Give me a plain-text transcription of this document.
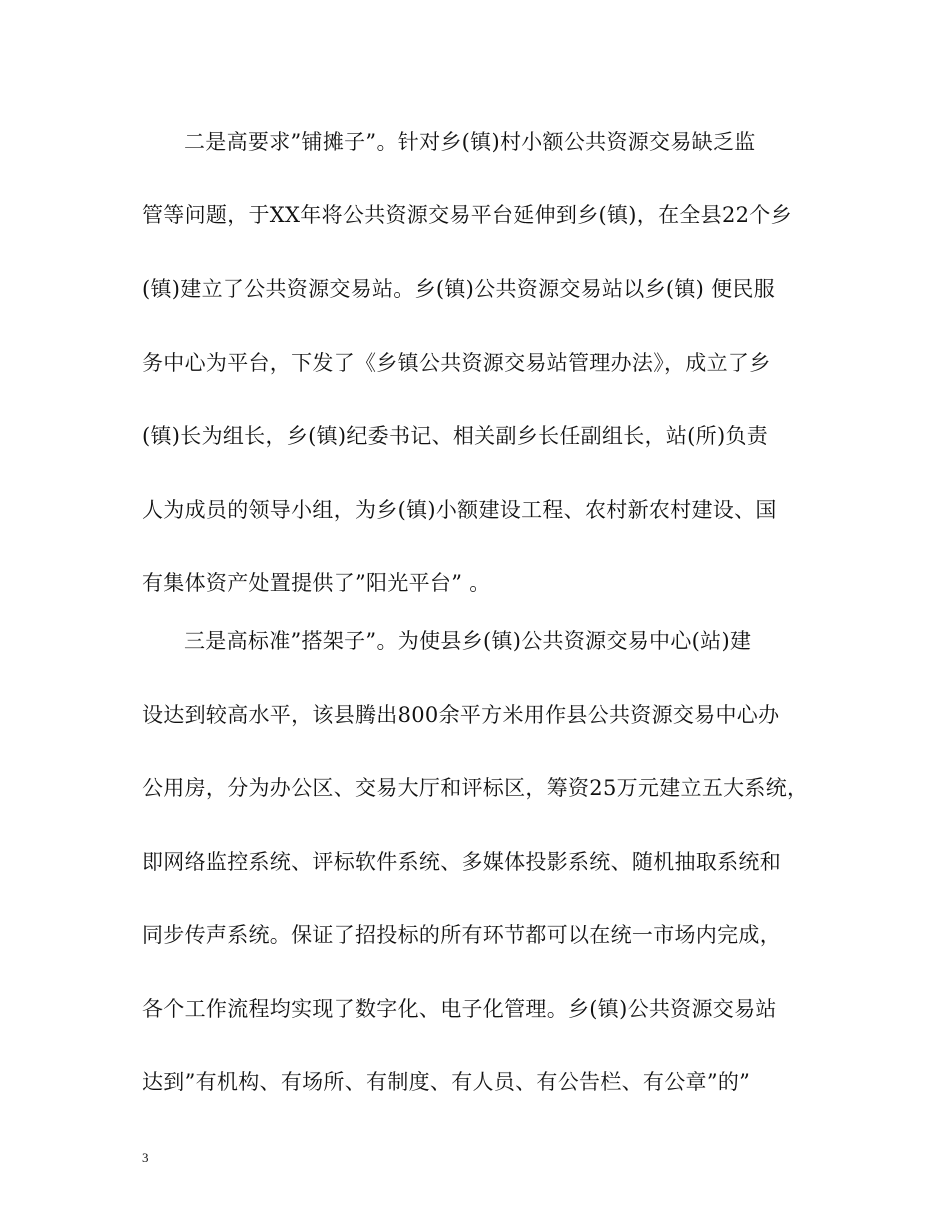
二是高要求”铺摊子”。针对乡(镇)村小额公共资源交易缺乏监
管等问题，于XX年将公共资源交易平台延伸到乡(镇)，在全县22个乡
(镇)建立了公共资源交易站。乡(镇)公共资源交易站以乡(镇) 便民服
务中心为平台，下发了《乡镇公共资源交易站管理办法》，成立了乡
(镇)长为组长，乡(镇)纪委书记、相关副乡长任副组长，站(所)负责
人为成员的领导小组，为乡(镇)小额建设工程、农村新农村建设、国
有集体资产处置提供了”阳光平台” 。
三是高标准”搭架子”。为使县乡(镇)公共资源交易中心(站)建
设达到较高水平，该县腾出800余平方米用作县公共资源交易中心办
公用房，分为办公区、交易大厅和评标区，筹资25万元建立五大系统，
即网络监控系统、评标软件系统、多媒体投影系统、随机抽取系统和
同步传声系统。保证了招投标的所有环节都可以在统一市场内完成，
各个工作流程均实现了数字化、电子化管理。乡(镇)公共资源交易站
达到”有机构、有场所、有制度、有人员、有公告栏、有公章”的”
3
